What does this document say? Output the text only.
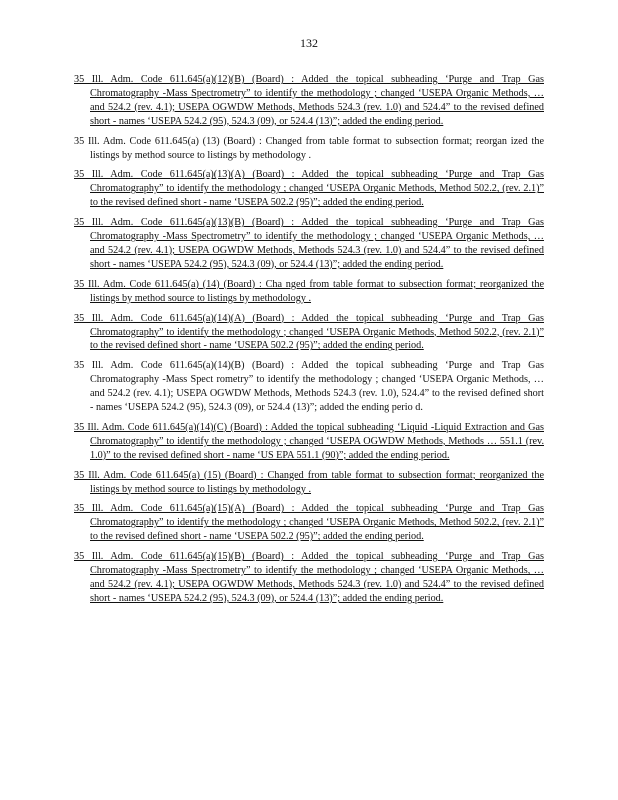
132

35 Ill. Adm. Code 611.645(a)(12)(B) (Board) : Added the topical subheading ‘Purge and Trap Gas Chromatography -Mass Spectrometry” to identify the methodology ; changed ‘USEPA Organic Methods, … and 524.2 (rev. 4.1); USEPA OGWDW Methods, Methods 524.3 (rev. 1.0) and 524.4” to the revised defined short - names ‘USEPA 524.2 (95), 524.3 (09), or 524.4 (13)”; added the ending period.

35 Ill. Adm. Code 611.645(a) (13) (Board) : Changed from table format to subsection format; reorgan ized the listings by method source to listings by methodology .

35 Ill. Adm. Code 611.645(a)(13)(A) (Board) : Added the topical subheading ‘Purge and Trap Gas Chromatography” to identify the methodology ; changed ‘USEPA Organic Methods, Method 502.2, (rev. 2.1)” to the revised defined short - name ‘USEPA 502.2 (95)”; added the ending period.

35 Ill. Adm. Code 611.645(a)(13)(B) (Board) : Added the topical subheading ‘Purge and Trap Gas Chromatography -Mass Spectrometry” to identify the methodology ; changed ‘USEPA Organic Methods, … and 524.2 (rev. 4.1); USEPA OGWDW Methods, Methods 524.3 (rev. 1.0) and 524.4” to the revised defined short - names ‘USEPA 524.2 (95), 524.3 (09), or 524.4 (13)”; added the ending period.

35 Ill. Adm. Code 611.645(a) (14) (Board) : Cha nged from table format to subsection format; reorganized the listings by method source to listings by methodology .

35 Ill. Adm. Code 611.645(a)(14)(A) (Board) : Added the topical subheading ‘Purge and Trap Gas Chromatography” to identify the methodology ; changed ‘USEPA Organic Methods, Method 502.2, (rev. 2.1)” to the revised defined short - name ‘USEPA 502.2 (95)”; added the ending period.

35 Ill. Adm. Code 611.645(a)(14)(B) (Board) : Added the topical subheading ‘Purge and Trap Gas Chromatography -Mass Spect rometry” to identify the methodology ; changed ‘USEPA Organic Methods, … and 524.2 (rev. 4.1); USEPA OGWDW Methods, Methods 524.3 (rev. 1.0), 524.4” to the revised defined short - names ‘USEPA 524.2 (95), 524.3 (09), or 524.4 (13)”; added the ending perio d.

35 Ill. Adm. Code 611.645(a)(14)(C) (Board) : Added the topical subheading ‘Liquid -Liquid Extraction and Gas Chromatography” to identify the methodology ; changed ‘USEPA OGWDW Methods, Methods … 551.1 (rev. 1.0)” to the revised defined short - name ‘US EPA 551.1 (90)”; added the ending period.

35 Ill. Adm. Code 611.645(a) (15) (Board) : Changed from table format to subsection format; reorganized the listings by method source to listings by methodology .

35 Ill. Adm. Code 611.645(a)(15)(A) (Board) : Added the topical subheading ‘Purge and Trap Gas Chromatography” to identify the methodology ; changed ‘USEPA Organic Methods, Method 502.2, (rev. 2.1)” to the revised defined short - name ‘USEPA 502.2 (95)”; added the ending period.

35 Ill. Adm. Code 611.645(a)(15)(B) (Board) : Added the topical subheading ‘Purge and Trap Gas Chromatography -Mass Spectrometry” to identify the methodology ; changed ‘USEPA Organic Methods, … and 524.2 (rev. 4.1); USEPA OGWDW Methods, Methods 524.3 (rev. 1.0) and 524.4” to the revised defined short - names ‘USEPA 524.2 (95), 524.3 (09), or 524.4 (13)”; added the ending period.
